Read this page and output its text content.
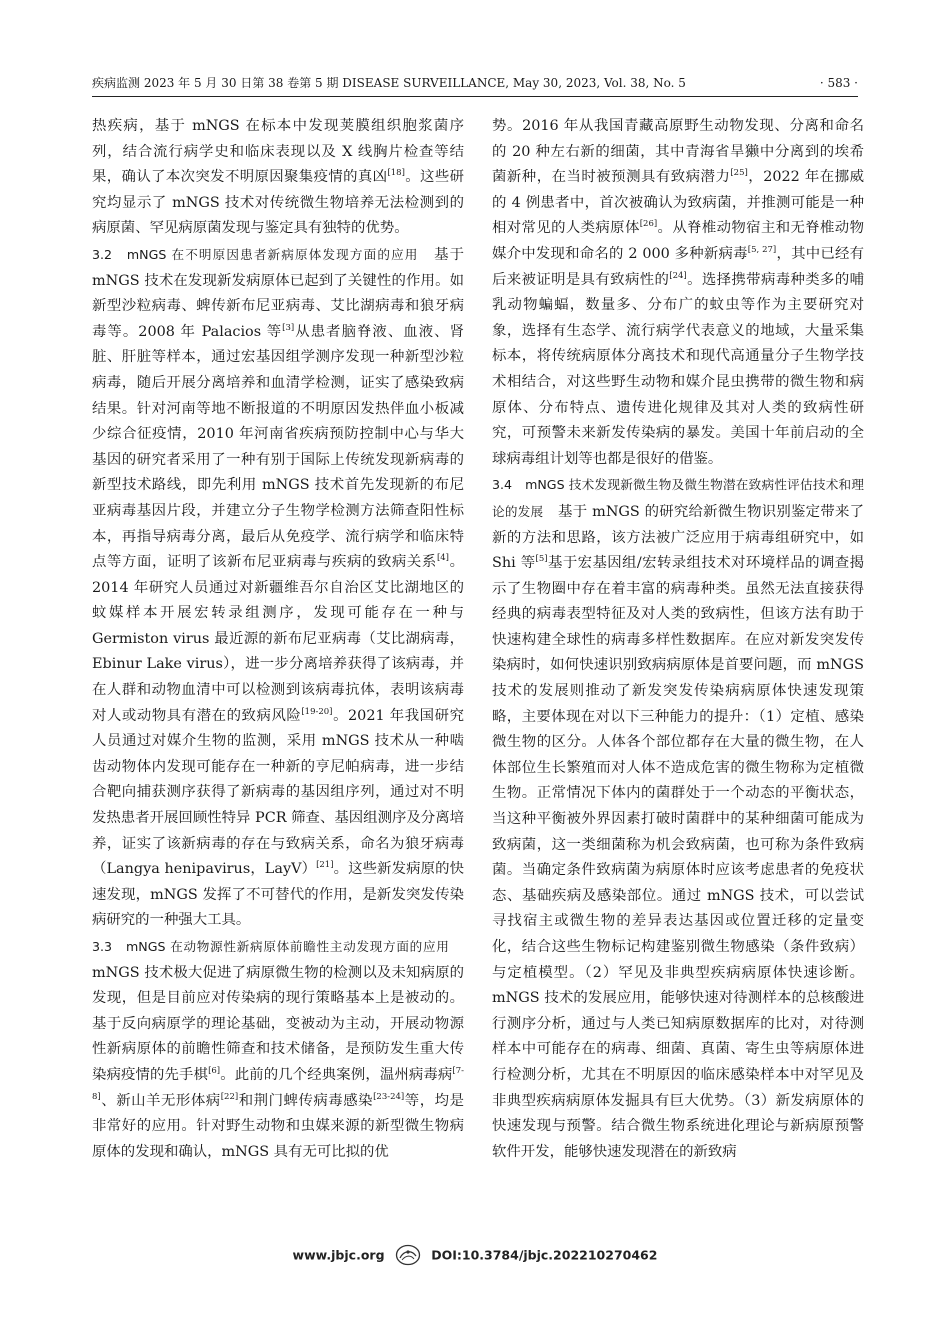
疾病监测 2023 年 5 月 30 日第 38 卷第 5 期 DISEASE SURVEILLANCE, May 30, 2023, Vol. 38, No. 5	· 583 ·

热疾病，基于 mNGS 在标本中发现荚膜组织胞浆菌序列，结合流行病学史和临床表现以及 X 线胸片检查等结果，确认了本次突发不明原因聚集疫情的真凶[18]。这些研究均显示了 mNGS 技术对传统微生物培养无法检测到的病原菌、罕见病原菌发现与鉴定具有独特的优势。

3.2　mNGS 在不明原因患者新病原体发现方面的应用　基于 mNGS 技术在发现新发病原体已起到了关键性的作用。如新型沙粒病毒、蜱传新布尼亚病毒、艾比湖病毒和狼牙病毒等。2008 年 Palacios 等[3]从患者脑脊液、血液、肾脏、肝脏等样本，通过宏基因组学测序发现一种新型沙粒病毒，随后开展分离培养和血清学检测，证实了感染致病结果。针对河南等地不断报道的不明原因发热伴血小板减少综合征疫情，2010 年河南省疾病预防控制中心与华大基因的研究者采用了一种有别于国际上传统发现新病毒的新型技术路线，即先利用 mNGS 技术首先发现新的布尼亚病毒基因片段，并建立分子生物学检测方法筛查阳性标本，再指导病毒分离，最后从免疫学、流行病学和临床特点等方面，证明了该新布尼亚病毒与疾病的致病关系[4]。2014 年研究人员通过对新疆维吾尔自治区艾比湖地区的蚊媒样本开展宏转录组测序，发现可能存在一种与 Germiston virus 最近源的新布尼亚病毒（艾比湖病毒，Ebinur Lake virus），进一步分离培养获得了该病毒，并在人群和动物血清中可以检测到该病毒抗体，表明该病毒对人或动物具有潜在的致病风险[19-20]。2021 年我国研究人员通过对媒介生物的监测，采用 mNGS 技术从一种啮齿动物体内发现可能存在一种新的亨尼帕病毒，进一步结合靶向捕获测序获得了新病毒的基因组序列，通过对不明发热患者开展回顾性特异 PCR 筛查、基因组测序及分离培养，证实了该新病毒的存在与致病关系，命名为狼牙病毒（Langya henipavirus，LayV）[21]。这些新发病原的快速发现，mNGS 发挥了不可替代的作用，是新发突发传染病研究的一种强大工具。

3.3　mNGS 在动物源性新病原体前瞻性主动发现方面的应用　mNGS 技术极大促进了病原微生物的检测以及未知病原的发现，但是目前应对传染病的现行策略基本上是被动的。基于反向病原学的理论基础，变被动为主动，开展动物源性新病原体的前瞻性筛查和技术储备，是预防发生重大传染病疫情的先手棋[6]。此前的几个经典案例，温州病毒病[7-8]、新山羊无形体病[22]和荆门蜱传病毒感染[23-24]等，均是非常好的应用。针对野生动物和虫媒来源的新型微生物病原体的发现和确认，mNGS 具有无可比拟的优

势。2016 年从我国青藏高原野生动物发现、分离和命名的 20 种左右新的细菌，其中青海省旱獭中分离到的埃希菌新种，在当时被预测具有致病潜力[25]，2022 年在挪威的 4 例患者中，首次被确认为致病菌，并推测可能是一种相对常见的人类病原体[26]。从脊椎动物宿主和无脊椎动物媒介中发现和命名的 2 000 多种新病毒[5, 27]，其中已经有后来被证明是具有致病性的[24]。选择携带病毒种类多的哺乳动物蝙蝠，数量多、分布广的蚊虫等作为主要研究对象，选择有生态学、流行病学代表意义的地域，大量采集标本，将传统病原体分离技术和现代高通量分子生物学技术相结合，对这些野生动物和媒介昆虫携带的微生物和病原体、分布特点、遗传进化规律及其对人类的致病性研究，可预警未来新发传染病的暴发。美国十年前启动的全球病毒组计划等也都是很好的借鉴。

3.4　mNGS 技术发现新微生物及微生物潜在致病性评估技术和理论的发展　基于 mNGS 的研究给新微生物识别鉴定带来了新的方法和思路，该方法被广泛应用于病毒组研究中，如 Shi 等[5]基于宏基因组/宏转录组技术对环境样品的调查揭示了生物圈中存在着丰富的病毒种类。虽然无法直接获得经典的病毒表型特征及对人类的致病性，但该方法有助于快速构建全球性的病毒多样性数据库。在应对新发突发传染病时，如何快速识别致病病原体是首要问题，而 mNGS 技术的发展则推动了新发突发传染病病原体快速发现策略，主要体现在对以下三种能力的提升：（1）定植、感染微生物的区分。人体各个部位都存在大量的微生物，在人体部位生长繁殖而对人体不造成危害的微生物称为定植微生物。正常情况下体内的菌群处于一个动态的平衡状态，当这种平衡被外界因素打破时菌群中的某种细菌可能成为致病菌，这一类细菌称为机会致病菌，也可称为条件致病菌。当确定条件致病菌为病原体时应该考虑患者的免疫状态、基础疾病及感染部位。通过 mNGS 技术，可以尝试寻找宿主或微生物的差异表达基因或位置迁移的定量变化，结合这些生物标记构建鉴别微生物感染（条件致病）与定植模型。（2）罕见及非典型疾病病原体快速诊断。mNGS 技术的发展应用，能够快速对待测样本的总核酸进行测序分析，通过与人类已知病原数据库的比对，对待测样本中可能存在的病毒、细菌、真菌、寄生虫等病原体进行检测分析，尤其在不明原因的临床感染样本中对罕见及非典型疾病病原体发掘具有巨大优势。（3）新发病原体的快速发现与预警。结合微生物系统进化理论与新病原预警软件开发，能够快速发现潜在的新致病

www.jbjc.org	DOI:10.3784/jbjc.202210270462
